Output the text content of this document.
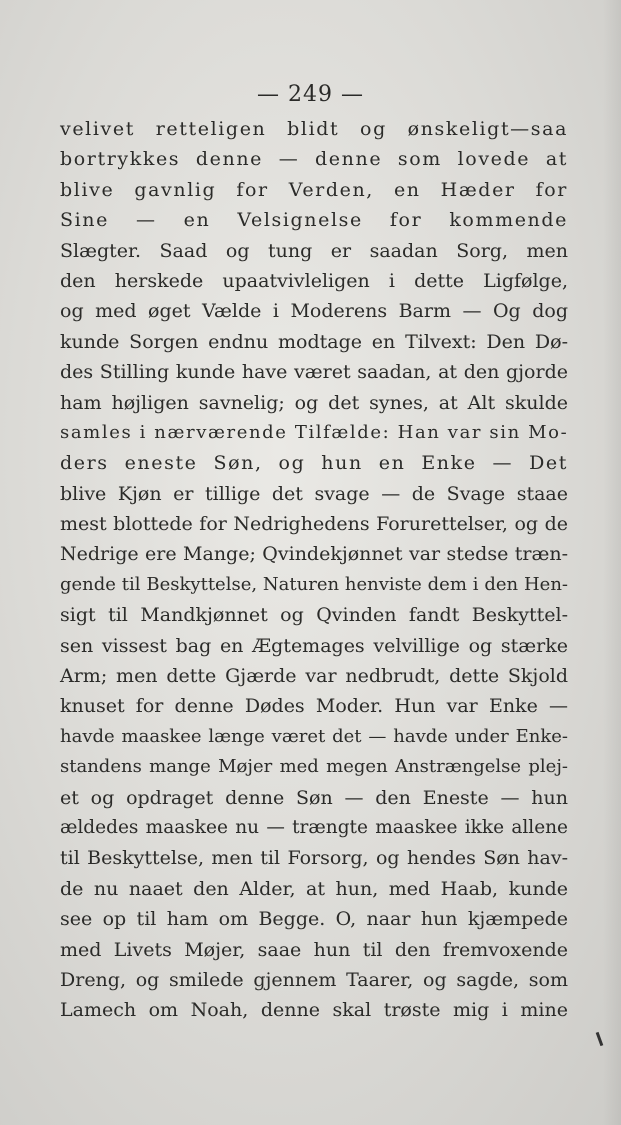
— 249 —
velivet retteligen blidt og ønskeligt—saa
bortrykkes denne — denne som lovede at
blive gavnlig for Verden, en Hæder for
Sine — en Velsignelse for kommende
Slægter. Saad og tung er saadan Sorg, men
den herskede upaatvivleligen i dette Ligfølge,
og med øget Vælde i Moderens Barm — Og dog
kunde Sorgen endnu modtage en Tilvext: Den Dø-
des Stilling kunde have været saadan, at den gjorde
ham højligen savnelig; og det synes, at Alt skulde
samles i nærværende Tilfælde: Han var sin Mo-
ders eneste Søn, og hun en Enke — Det
blive Kjøn er tillige det svage — de Svage staae
mest blottede for Nedrighedens Forurettelser, og de
Nedrige ere Mange; Qvindekjønnet var stedse træn-
gende til Beskyttelse, Naturen henviste dem i den Hen-
sigt til Mandkjønnet og Qvinden fandt Beskyttel-
sen vissest bag en Ægtemages velvillige og stærke
Arm; men dette Gjærde var nedbrudt, dette Skjold
knuset for denne Dødes Moder. Hun var Enke —
havde maaskee længe været det — havde under Enke-
standens mange Møjer med megen Anstrængelse plej-
et og opdraget denne Søn — den Eneste — hun
ældedes maaskee nu — trængte maaskee ikke allene
til Beskyttelse, men til Forsorg, og hendes Søn hav-
de nu naaet den Alder, at hun, med Haab, kunde
see op til ham om Begge. O, naar hun kjæmpede
med Livets Møjer, saae hun til den fremvoxende
Dreng, og smilede gjennem Taarer, og sagde, som
Lamech om Noah, denne skal trøste mig i mine
